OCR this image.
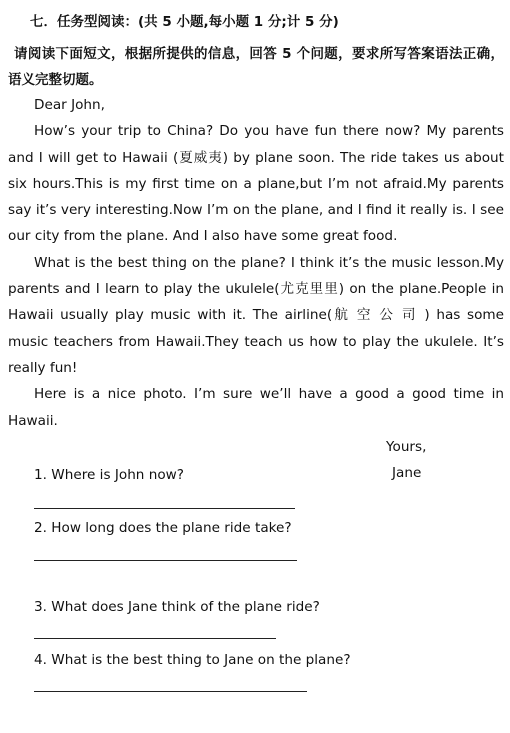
七．任务型阅读：(共 5 小题,每小题 1 分;计 5 分)
请阅读下面短文，根据所提供的信息，回答 5 个问题，要求所写答案语法正确，语义完整切题。

Dear John,

How’s your trip to China? Do you have fun there now? My parents and I will get to Hawaii (夏威夷) by plane soon. The ride takes us about six hours.This is my first time on a plane,but I’m not afraid.My parents say it’s very interesting.Now I’m on the plane, and I find it really is. I see our city from the plane. And I also have some great food.

What is the best thing on the plane? I think it’s the music lesson.My parents and I learn to play the ukulele(尤克里里) on the plane.People in Hawaii usually play music with it. The airline(航 空 公 司 ) has some music teachers from Hawaii.They teach us how to play the ukulele. It’s really fun!

Here is a nice photo. I’m sure we’ll have a good a good time in Hawaii.

Yours,

Jane

1. Where is John now?
2. How long does the plane ride take?
3. What does Jane think of the plane ride?
4. What is the best thing to Jane on the plane?
